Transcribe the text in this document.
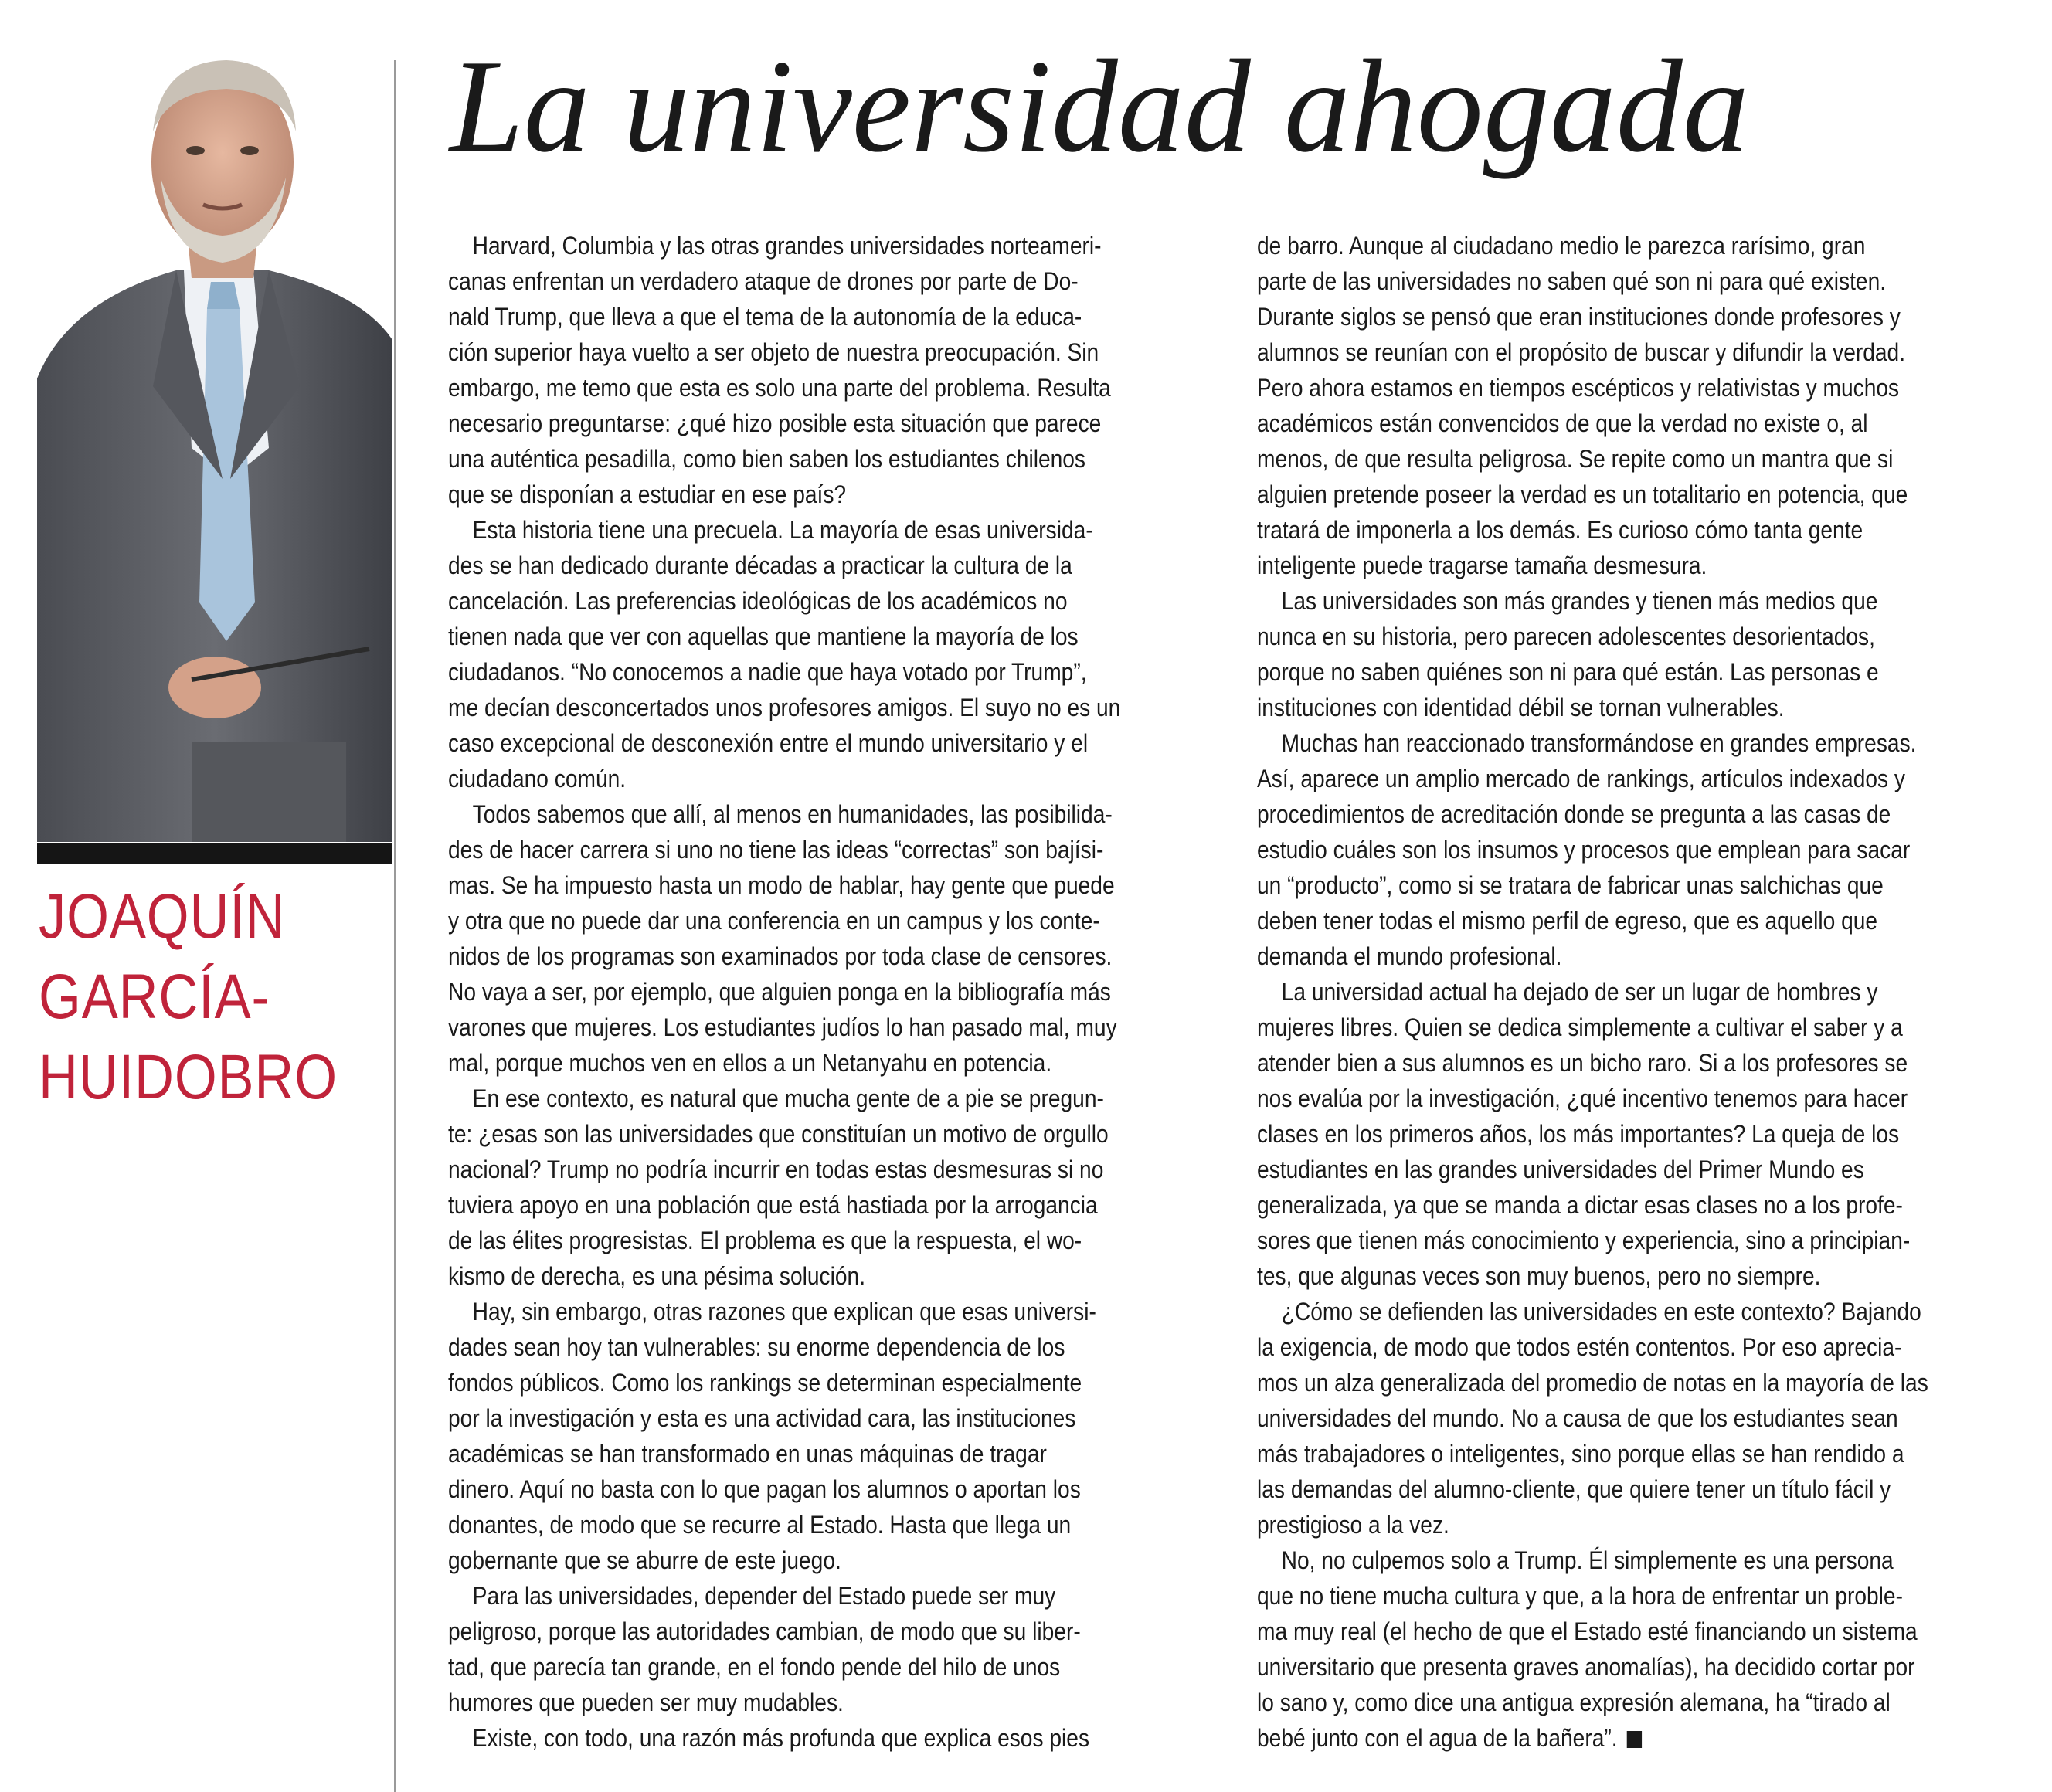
JOAQUÍN
GARCÍA-
HUIDOBRO
La universidad ahogada
Harvard, Columbia y las otras grandes universidades norteameri-
canas enfrentan un verdadero ataque de drones por parte de Do-
nald Trump, que lleva a que el tema de la autonomía de la educa-
ción superior haya vuelto a ser objeto de nuestra preocupación. Sin
embargo, me temo que esta es solo una parte del problema. Resulta
necesario preguntarse: ¿qué hizo posible esta situación que parece
una auténtica pesadilla, como bien saben los estudiantes chilenos
que se disponían a estudiar en ese país?
Esta historia tiene una precuela. La mayoría de esas universida-
des se han dedicado durante décadas a practicar la cultura de la
cancelación. Las preferencias ideológicas de los académicos no
tienen nada que ver con aquellas que mantiene la mayoría de los
ciudadanos. “No conocemos a nadie que haya votado por Trump”,
me decían desconcertados unos profesores amigos. El suyo no es un
caso excepcional de desconexión entre el mundo universitario y el
ciudadano común.
Todos sabemos que allí, al menos en humanidades, las posibilida-
des de hacer carrera si uno no tiene las ideas “correctas” son bajísi-
mas. Se ha impuesto hasta un modo de hablar, hay gente que puede
y otra que no puede dar una conferencia en un campus y los conte-
nidos de los programas son examinados por toda clase de censores.
No vaya a ser, por ejemplo, que alguien ponga en la bibliografía más
varones que mujeres. Los estudiantes judíos lo han pasado mal, muy
mal, porque muchos ven en ellos a un Netanyahu en potencia.
En ese contexto, es natural que mucha gente de a pie se pregun-
te: ¿esas son las universidades que constituían un motivo de orgullo
nacional? Trump no podría incurrir en todas estas desmesuras si no
tuviera apoyo en una población que está hastiada por la arrogancia
de las élites progresistas. El problema es que la respuesta, el wo-
kismo de derecha, es una pésima solución.
Hay, sin embargo, otras razones que explican que esas universi-
dades sean hoy tan vulnerables: su enorme dependencia de los
fondos públicos. Como los rankings se determinan especialmente
por la investigación y esta es una actividad cara, las instituciones
académicas se han transformado en unas máquinas de tragar
dinero. Aquí no basta con lo que pagan los alumnos o aportan los
donantes, de modo que se recurre al Estado. Hasta que llega un
gobernante que se aburre de este juego.
Para las universidades, depender del Estado puede ser muy
peligroso, porque las autoridades cambian, de modo que su liber-
tad, que parecía tan grande, en el fondo pende del hilo de unos
humores que pueden ser muy mudables.
Existe, con todo, una razón más profunda que explica esos pies
de barro. Aunque al ciudadano medio le parezca rarísimo, gran
parte de las universidades no saben qué son ni para qué existen.
Durante siglos se pensó que eran instituciones donde profesores y
alumnos se reunían con el propósito de buscar y difundir la verdad.
Pero ahora estamos en tiempos escépticos y relativistas y muchos
académicos están convencidos de que la verdad no existe o, al
menos, de que resulta peligrosa. Se repite como un mantra que si
alguien pretende poseer la verdad es un totalitario en potencia, que
tratará de imponerla a los demás. Es curioso cómo tanta gente
inteligente puede tragarse tamaña desmesura.
Las universidades son más grandes y tienen más medios que
nunca en su historia, pero parecen adolescentes desorientados,
porque no saben quiénes son ni para qué están. Las personas e
instituciones con identidad débil se tornan vulnerables.
Muchas han reaccionado transformándose en grandes empresas.
Así, aparece un amplio mercado de rankings, artículos indexados y
procedimientos de acreditación donde se pregunta a las casas de
estudio cuáles son los insumos y procesos que emplean para sacar
un “producto”, como si se tratara de fabricar unas salchichas que
deben tener todas el mismo perfil de egreso, que es aquello que
demanda el mundo profesional.
La universidad actual ha dejado de ser un lugar de hombres y
mujeres libres. Quien se dedica simplemente a cultivar el saber y a
atender bien a sus alumnos es un bicho raro. Si a los profesores se
nos evalúa por la investigación, ¿qué incentivo tenemos para hacer
clases en los primeros años, los más importantes? La queja de los
estudiantes en las grandes universidades del Primer Mundo es
generalizada, ya que se manda a dictar esas clases no a los profe-
sores que tienen más conocimiento y experiencia, sino a principian-
tes, que algunas veces son muy buenos, pero no siempre.
¿Cómo se defienden las universidades en este contexto? Bajando
la exigencia, de modo que todos estén contentos. Por eso aprecia-
mos un alza generalizada del promedio de notas en la mayoría de las
universidades del mundo. No a causa de que los estudiantes sean
más trabajadores o inteligentes, sino porque ellas se han rendido a
las demandas del alumno-cliente, que quiere tener un título fácil y
prestigioso a la vez.
No, no culpemos solo a Trump. Él simplemente es una persona
que no tiene mucha cultura y que, a la hora de enfrentar un proble-
ma muy real (el hecho de que el Estado esté financiando un sistema
universitario que presenta graves anomalías), ha decidido cortar por
lo sano y, como dice una antigua expresión alemana, ha “tirado al
bebé junto con el agua de la bañera”.
